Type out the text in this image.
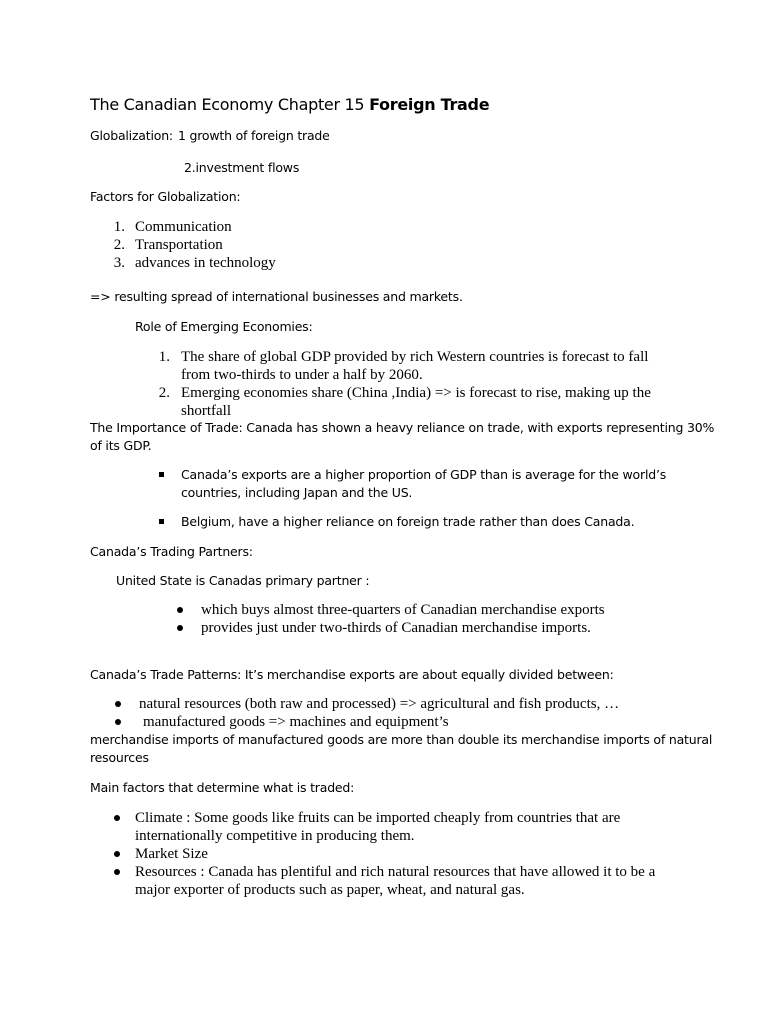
The Canadian Economy Chapter 15 Foreign Trade
Globalization: 1 growth of foreign trade
2.investment flows
Factors for Globalization:
1. Communication
2. Transportation
3. advances in technology
=> resulting spread of international businesses and markets.
Role of Emerging Economies:
1. The share of global GDP provided by rich Western countries is forecast to fall
from two-thirds to under a half by 2060.
2. Emerging economies share (China ,India) => is forecast to rise, making up the
shortfall
The Importance of Trade: Canada has shown a heavy reliance on trade, with exports representing 30%
of its GDP.
Canada’s exports are a higher proportion of GDP than is average for the world’s
countries, including Japan and the US.
Belgium, have a higher reliance on foreign trade rather than does Canada.
Canada’s Trading Partners:
United State is Canadas primary partner :
which buys almost three-quarters of Canadian merchandise exports
provides just under two-thirds of Canadian merchandise imports.
Canada’s Trade Patterns: It’s merchandise exports are about equally divided between:
natural resources (both raw and processed) => agricultural and fish products, …
manufactured goods => machines and equipment’s
merchandise imports of manufactured goods are more than double its merchandise imports of natural
resources
Main factors that determine what is traded:
Climate : Some goods like fruits can be imported cheaply from countries that are
internationally competitive in producing them.
Market Size
Resources : Canada has plentiful and rich natural resources that have allowed it to be a
major exporter of products such as paper, wheat, and natural gas.
